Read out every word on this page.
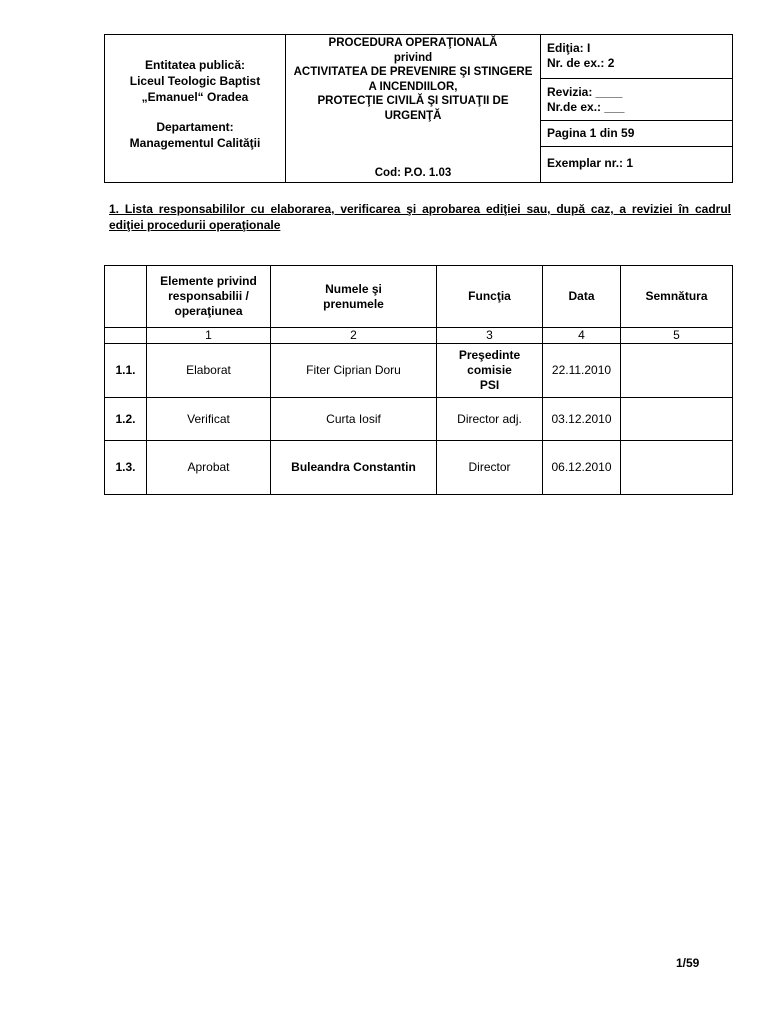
Entitatea publică:
Liceul Teologic Baptist
„Emanuel“ Oradea
Departament:
Managementul Calităţii

PROCEDURA OPERAŢIONALĂ
privind
ACTIVITATEA DE PREVENIRE ŞI STINGERE
A INCENDIILOR,
PROTECŢIE CIVILĂ ŞI SITUAŢII DE
URGENŢĂ
Cod: P.O. 1.03

Ediţia: I
Nr. de ex.: 2

Revizia: ____
Nr.de ex.: ___

Pagina 1 din 59

Exemplar nr.: 1
1. Lista responsabililor cu elaborarea, verificarea şi aprobarea ediţiei sau, după caz, a reviziei în cadrul ediţiei procedurii operaţionale
	Elemente privind responsabilii / operaţiunea	Numele şi prenumele	Funcţia	Data	Semnătura
	1	2	3	4	5
1.1.	Elaborat	Fiter Ciprian Doru	Preşedinte
comisie
PSI	22.11.2010	
1.2.	Verificat	Curta Iosif	Director adj.	03.12.2010	
1.3.	Aprobat	Buleandra Constantin	Director	06.12.2010	
1/59
